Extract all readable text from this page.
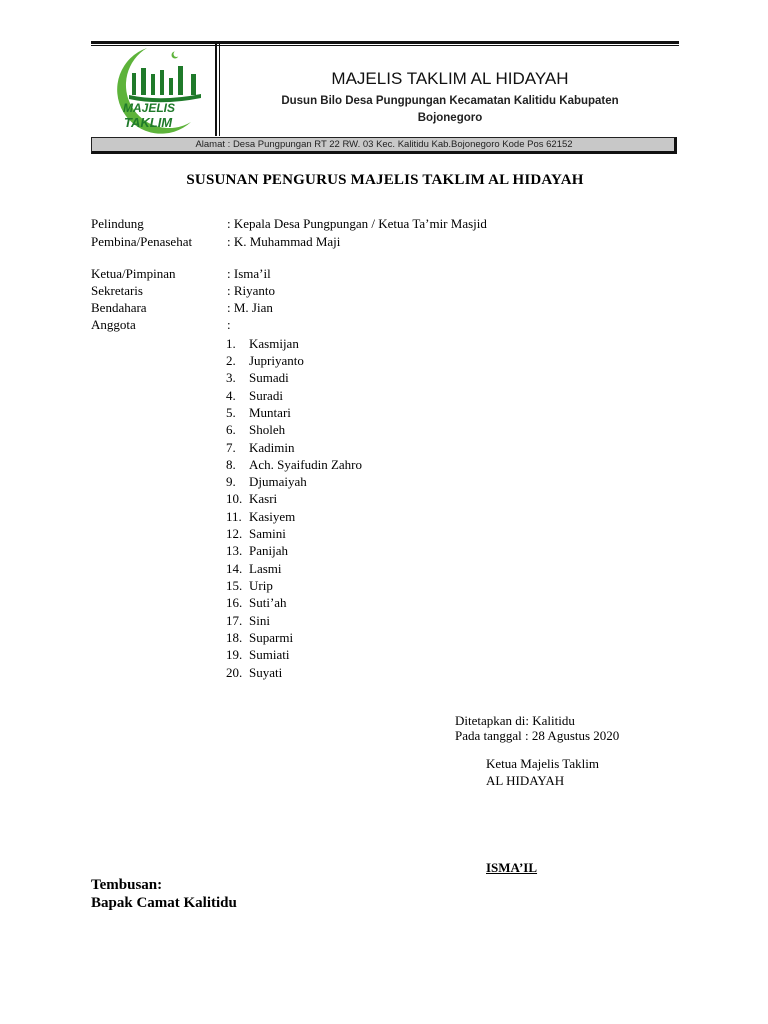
MAJELIS
TAKLIM
MAJELIS TAKLIM AL HIDAYAH
Dusun Bilo Desa Pungpungan Kecamatan Kalitidu Kabupaten
Bojonegoro
Alamat : Desa Pungpungan RT 22 RW. 03 Kec. Kalitidu Kab.Bojonegoro Kode Pos 62152
SUSUNAN PENGURUS MAJELIS TAKLIM AL HIDAYAH
Pelindung	: Kepala Desa Pungpungan / Ketua Ta’mir Masjid
Pembina/Penasehat	: K. Muhammad Maji
Ketua/Pimpinan	: Isma’il
Sekretaris	: Riyanto
Bendahara	: M. Jian
Anggota	:
1. Kasmijan
2. Jupriyanto
3. Sumadi
4. Suradi
5. Muntari
6. Sholeh
7. Kadimin
8. Ach. Syaifudin Zahro
9. Djumaiyah
10. Kasri
11. Kasiyem
12. Samini
13. Panijah
14. Lasmi
15. Urip
16. Suti’ah
17. Sini
18. Suparmi
19. Sumiati
20. Suyati
Ditetapkan di: Kalitidu
Pada tanggal : 28 Agustus 2020
Ketua Majelis Taklim
AL HIDAYAH
ISMA’IL
Tembusan:
Bapak Camat Kalitidu
